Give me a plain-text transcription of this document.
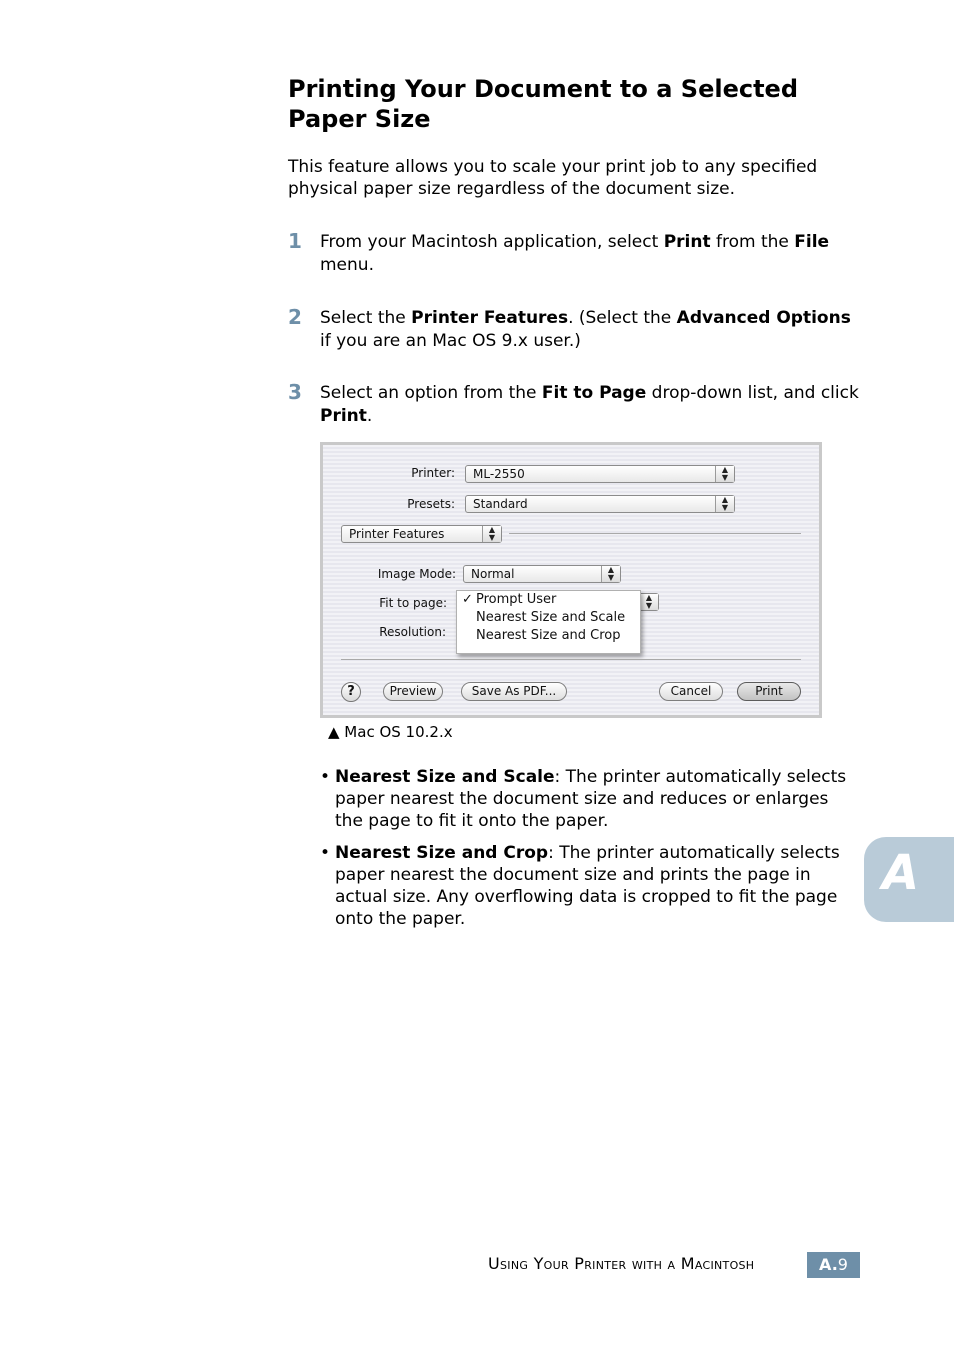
Printing Your Document to a Selected Paper Size

This feature allows you to scale your print job to any specified physical paper size regardless of the document size.

1 From your Macintosh application, select Print from the File menu.

2 Select the Printer Features. (Select the Advanced Options if you are an Mac OS 9.x user.)

3 Select an option from the Fit to Page drop-down list, and click Print.

Printer:	ML-2550	▲
▼
Presets:	Standard	▲
▼
Printer Features	▲
▼
Image Mode:	Normal	▲
▼
Fit to page:	▲
▼
Resolution:
✓ Prompt User
Nearest Size and Scale
Nearest Size and Crop
?	Preview	Save As PDF...	Cancel	Print
▲ Mac OS 10.2.x
• Nearest Size and Scale: The printer automatically selects paper nearest the document size and reduces or enlarges the page to fit it onto the paper.

• Nearest Size and Crop: The printer automatically selects paper nearest the document size and prints the page in actual size. Any overflowing data is cropped to fit the page onto the paper.

A
Using Your Printer with a Macintosh	A.9
